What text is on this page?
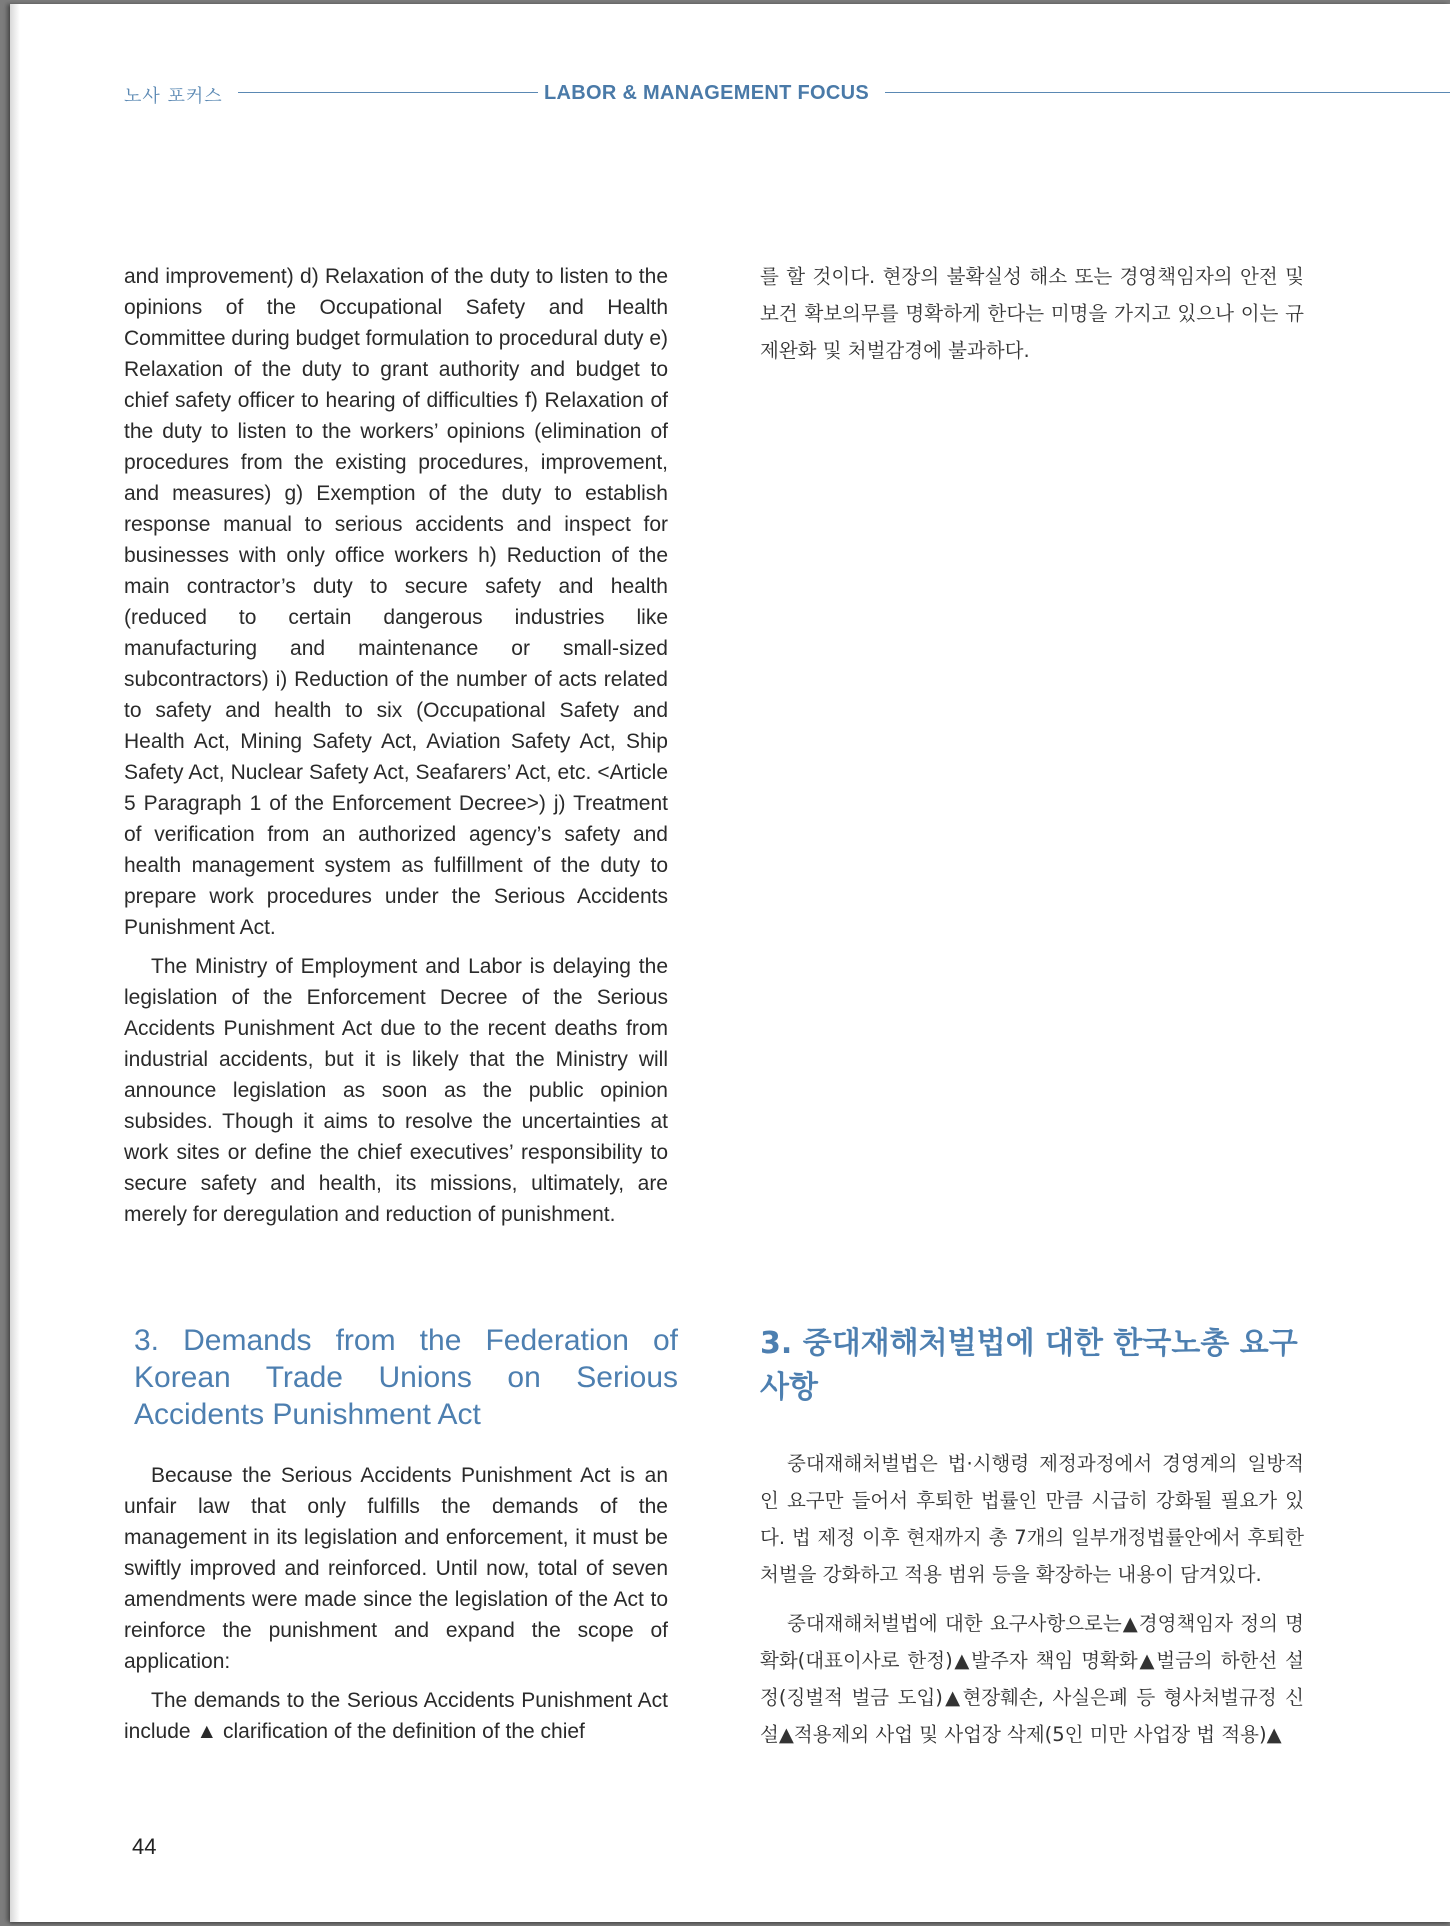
노사 포커스	LABOR & MANAGEMENT FOCUS

and improvement) d) Relaxation of the duty to listen to the opinions of the Occupational Safety and Health Committee during budget formulation to procedural duty e) Relaxation of the duty to grant authority and budget to chief safety officer to hearing of difficulties f) Relaxation of the duty to listen to the workers’ opinions (elimination of procedures from the existing procedures, improvement, and measures) g) Exemption of the duty to establish response manual to serious accidents and inspect for businesses with only office workers h) Reduction of the main contractor’s duty to secure safety and health (reduced to certain dangerous industries like manufacturing and maintenance or small-sized subcontractors) i) Reduction of the number of acts related to safety and health to six (Occupational Safety and Health Act, Mining Safety Act, Aviation Safety Act, Ship Safety Act, Nuclear Safety Act, Seafarers’ Act, etc. <Article 5 Paragraph 1 of the Enforcement Decree>) j) Treatment of verification from an authorized agency’s safety and health management system as fulfillment of the duty to prepare work procedures under the Serious Accidents Punishment Act.

The Ministry of Employment and Labor is delaying the legislation of the Enforcement Decree of the Serious Accidents Punishment Act due to the recent deaths from industrial accidents, but it is likely that the Ministry will announce legislation as soon as the public opinion subsides. Though it aims to resolve the uncertainties at work sites or define the chief executives’ responsibility to secure safety and health, its missions, ultimately, are merely for deregulation and reduction of punishment.

를 할 것이다. 현장의 불확실성 해소 또는 경영책임자의 안전 및 보건 확보의무를 명확하게 한다는 미명을 가지고 있으나 이는 규제완화 및 처벌감경에 불과하다.

3. Demands from the Federation of Korean Trade Unions on Serious Accidents Punishment Act
3. 중대재해처벌법에 대한 한국노총 요구사항

Because the Serious Accidents Punishment Act is an unfair law that only fulfills the demands of the management in its legislation and enforcement, it must be swiftly improved and reinforced. Until now, total of seven amendments were made since the legislation of the Act to reinforce the punishment and expand the scope of application:

The demands to the Serious Accidents Punishment Act include ▲ clarification of the definition of the chief

중대재해처벌법은 법·시행령 제정과정에서 경영계의 일방적인 요구만 들어서 후퇴한 법률인 만큼 시급히 강화될 필요가 있다. 법 제정 이후 현재까지 총 7개의 일부개정법률안에서 후퇴한 처벌을 강화하고 적용 범위 등을 확장하는 내용이 담겨있다.

중대재해처벌법에 대한 요구사항으로는▲경영책임자 정의 명확화(대표이사로 한정)▲발주자 책임 명확화▲벌금의 하한선 설정(징벌적 벌금 도입)▲현장훼손, 사실은폐 등 형사처벌규정 신설▲적용제외 사업 및 사업장 삭제(5인 미만 사업장 법 적용)▲

44
